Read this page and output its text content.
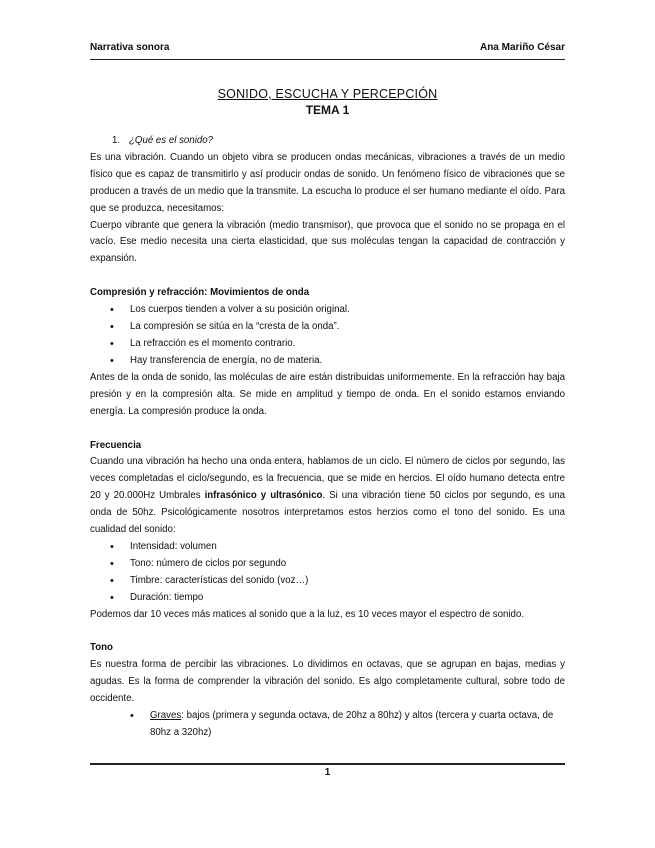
Narrativa sonora	Ana Mariño César
SONIDO, ESCUCHA Y PERCEPCIÓN
TEMA 1

1. ¿Qué es el sonido?

Es una vibración. Cuando un objeto vibra se producen ondas mecánicas, vibraciones a través de un medio físico que es capaz de transmitirlo y así producir ondas de sonido. Un fenómeno físico de vibraciones que se producen a través de un medio que la transmite. La escucha lo produce el ser humano mediante el oído. Para que se produzca, necesitamos:

Cuerpo vibrante que genera la vibración (medio transmisor), que provoca que el sonido no se propaga en el vacío. Ese medio necesita una cierta elasticidad, que sus moléculas tengan la capacidad de contracción y expansión.

Compresión y refracción: Movimientos de onda

• Los cuerpos tienden a volver a su posición original.
• La compresión se sitúa en la “cresta de la onda”.
• La refracción es el momento contrario.
• Hay transferencia de energía, no de materia.

Antes de la onda de sonido, las moléculas de aire están distribuidas uniformemente. En la refracción hay baja presión y en la compresión alta. Se mide en amplitud y tiempo de onda. En el sonido estamos enviando energía. La compresión produce la onda.

Frecuencia

Cuando una vibración ha hecho una onda entera, hablamos de un ciclo. El número de ciclos por segundo, las veces completadas el ciclo/segundo, es la frecuencia, que se mide en hercios. El oído humano detecta entre 20 y 20.000Hz Umbrales infrasónico y ultrasónico. Si una vibración tiene 50 ciclos por segundo, es una onda de 50hz. Psicológicamente nosotros interpretamos estos herzios como el tono del sonido. Es una cualidad del sonido:

• Intensidad: volumen
• Tono: número de ciclos por segundo
• Timbre: características del sonido (voz…)
• Duración: tiempo

Podemos dar 10 veces más matices al sonido que a la luz, es 10 veces mayor el espectro de sonido.

Tono

Es nuestra forma de percibir las vibraciones. Lo dividimos en octavas, que se agrupan en bajas, medias y agudas. Es la forma de comprender la vibración del sonido. Es algo completamente cultural, sobre todo de occidente.

• Graves: bajos (primera y segunda octava, de 20hz a 80hz) y altos (tercera y cuarta octava, de 80hz a 320hz)
1
